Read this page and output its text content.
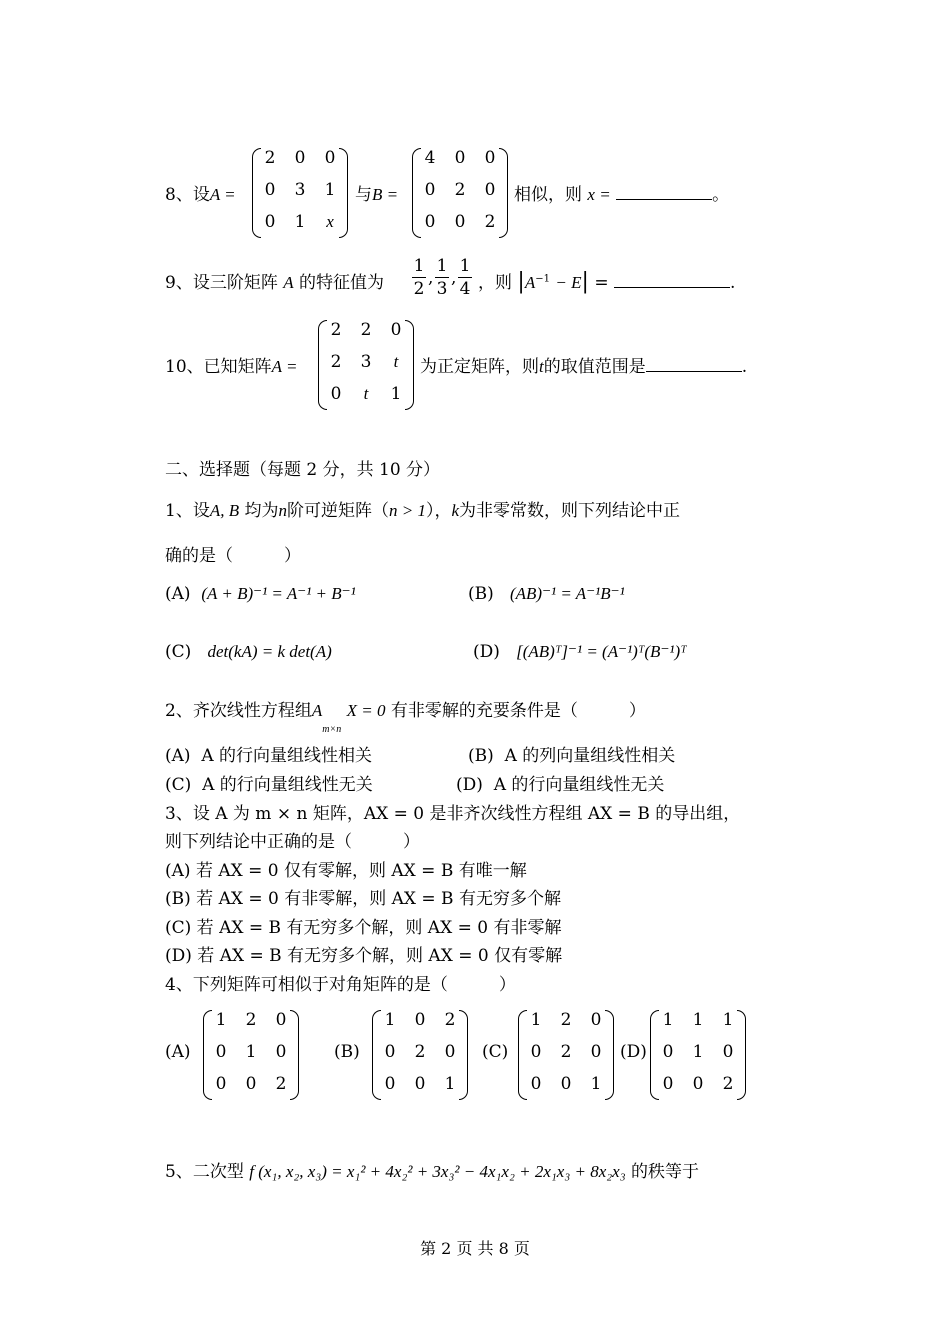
8、设A =
2 0 0
0 3 1
0 1	x
与B =
4 0 0
0 2 0
0 0 2
相似，则 x =	。
9、设三阶矩阵 A 的特征值为
1
2
,
1
3
,
1
4 ，则 $|A^{-1} - E|$ =	.
10、已知矩阵A =
2 2 0
2 3	t
0	t	1
为正定矩阵，则t的取值范围是	.
二、选择题（每题 2 分，共 10 分）
1、设A, B 均为n阶可逆矩阵（n > 1），k为非零常数，则下列结论中正
确的是（　　　）
(A) (A + B)⁻¹ = A⁻¹ + B⁻¹	(B) (AB)⁻¹ = A⁻¹B⁻¹
(C) det(kA) = k det(A)	(D) [(AB)ᵀ]⁻¹ = (A⁻¹)ᵀ(B⁻¹)ᵀ
2、齐次线性方程组$A_{m\times n}$ X = 0 有非零解的充要条件是（　　　）
(A) A 的行向量组线性相关	(B) A 的列向量组线性相关
(C) A 的行向量组线性无关	(D) A 的行向量组线性无关
3、设 A 为 m × n 矩阵，AX = 0 是非齐次线性方程组 AX = B 的导出组，
则下列结论中正确的是（　　　）
(A) 若 AX = 0 仅有零解，则 AX = B 有唯一解
(B) 若 AX = 0 有非零解，则 AX = B 有无穷多个解
(C) 若 AX = B 有无穷多个解，则 AX = 0 有非零解
(D) 若 AX = B 有无穷多个解，则 AX = 0 仅有零解
4、下列矩阵可相似于对角矩阵的是（　　　）
(A)
1 2 0
0 1 0
0 0 2
(B)
1 0 2
0 2 0
0 0 1
(C)
1 2 0
0 2 0
0 0 1
(D)
1 1 1
0 1 0
0 0 2
5、二次型 f (x₁, x₂, x₃) = x₁² + 4x₂² + 3x₃² − 4x₁x₂ + 2x₁x₃ + 8x₂x₃ 的秩等于
第 2 页 共 8 页
